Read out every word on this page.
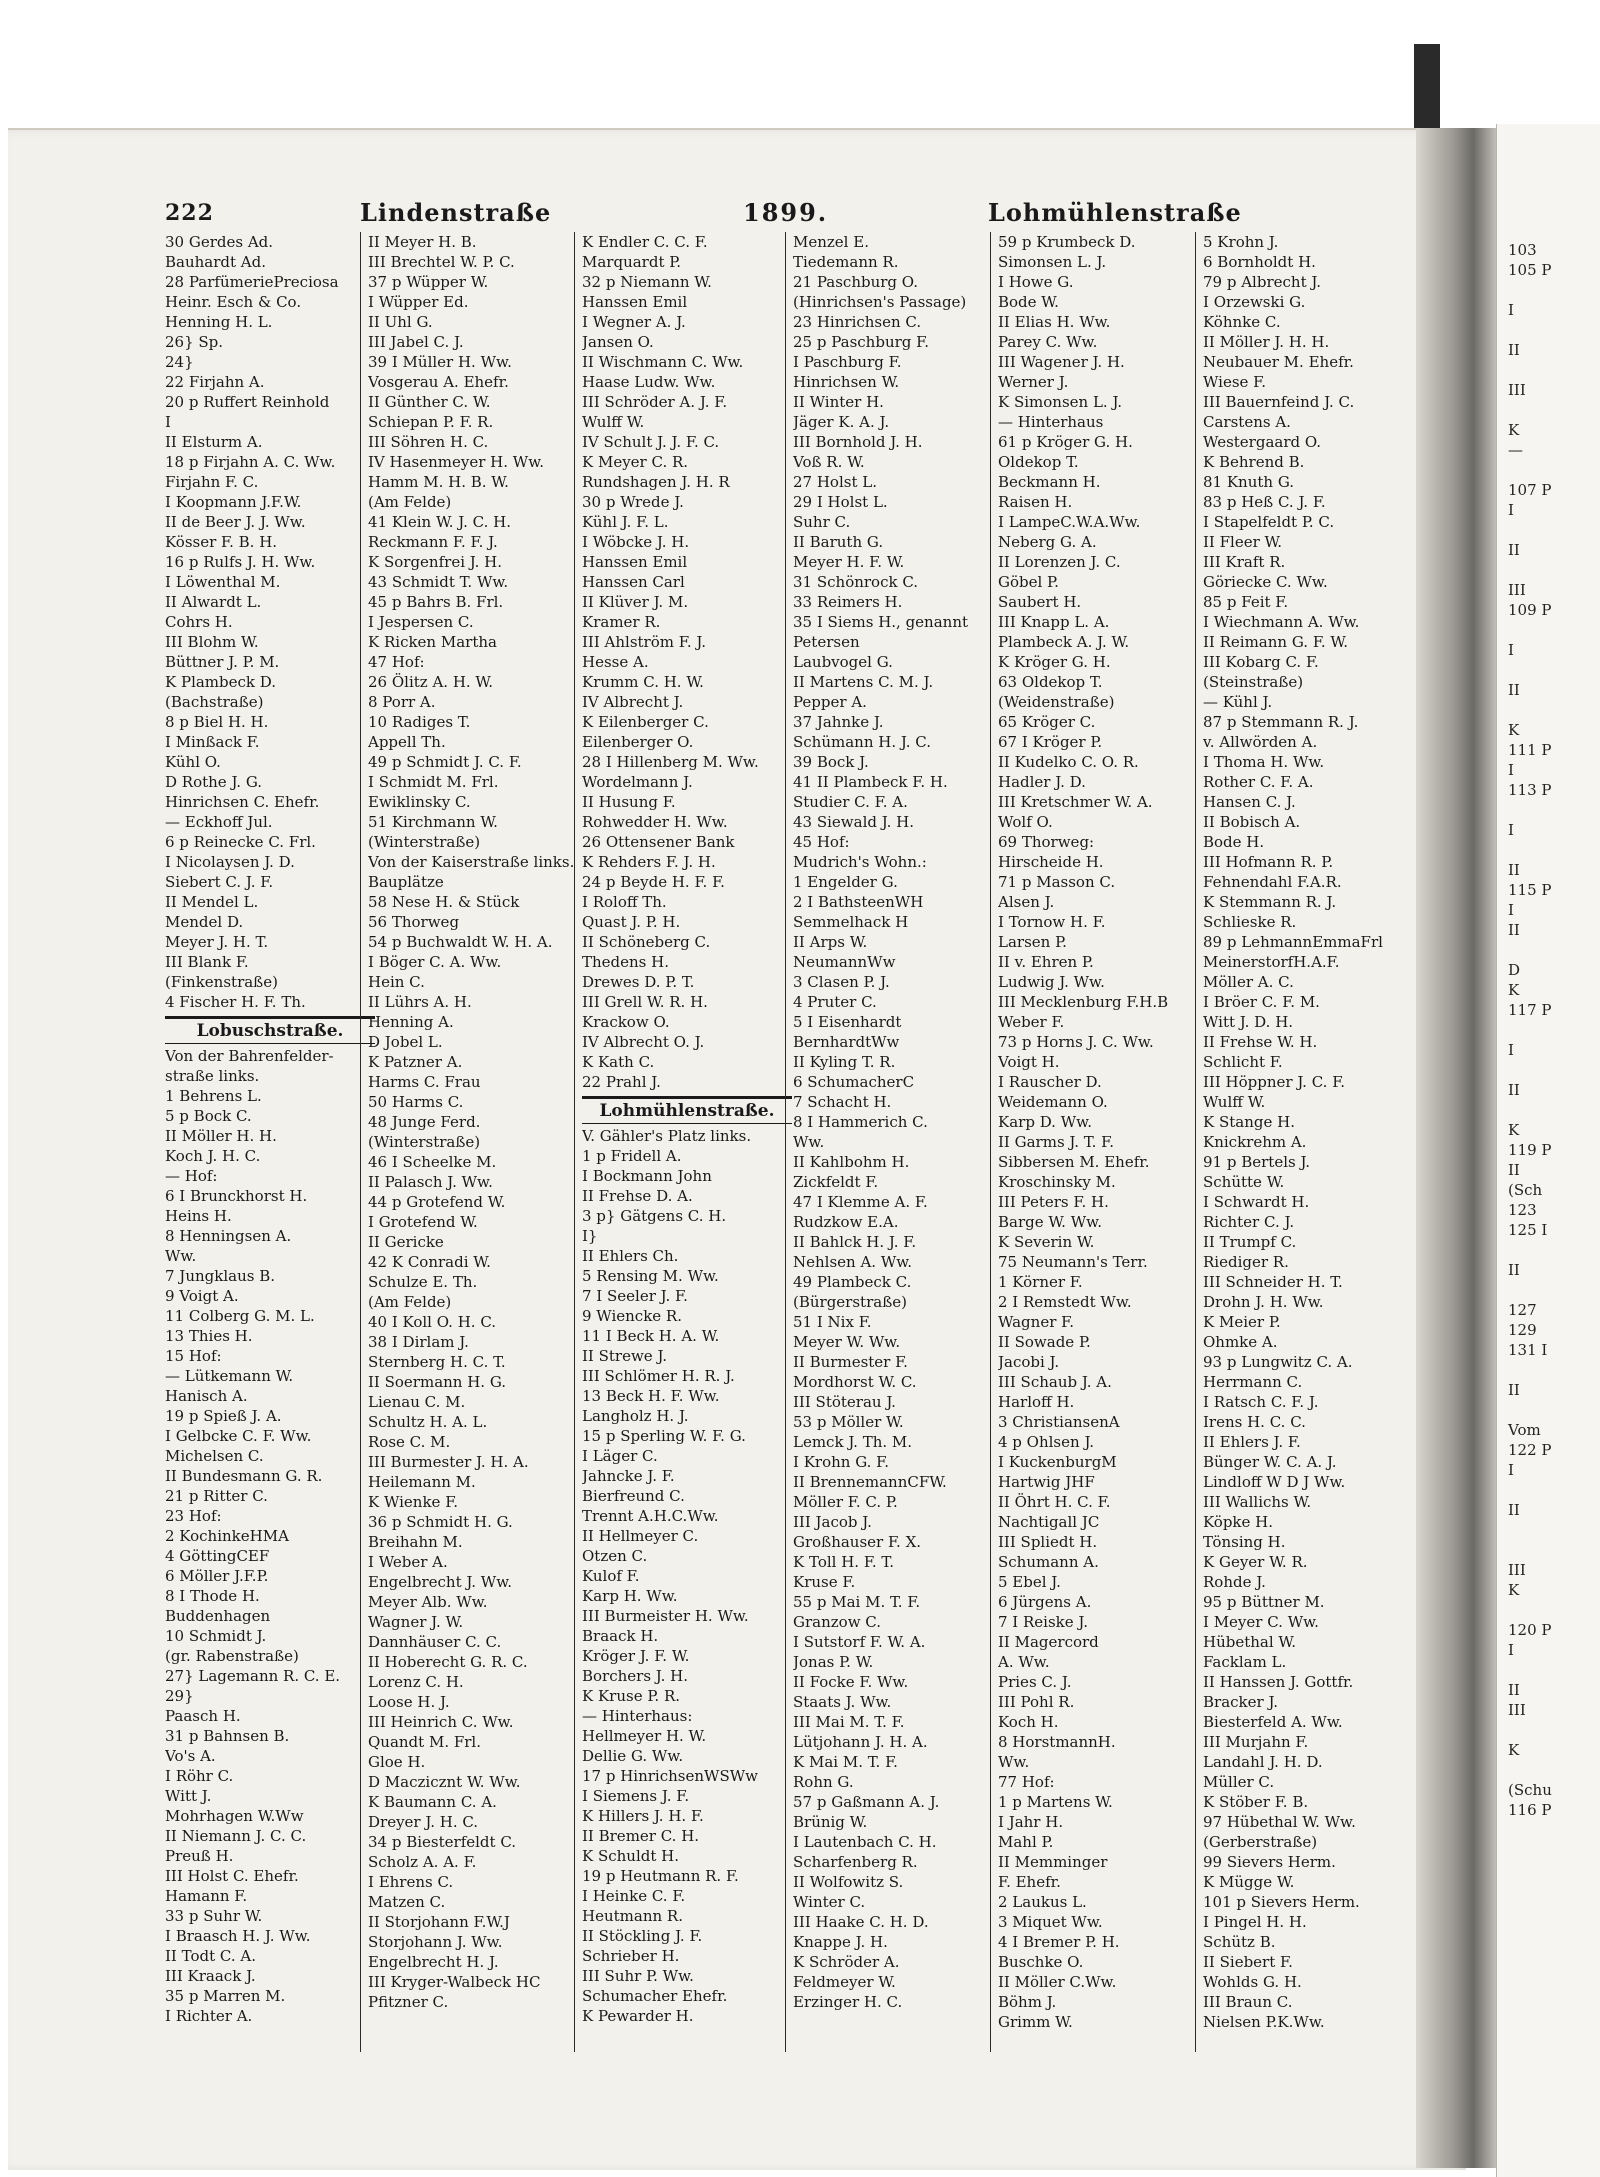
222	Lindenstraße	1899.	Lohmühlenstraße
30 Gerdes Ad.
Bauhardt Ad.
28 ParfümeriePreciosa
Heinr. Esch & Co.
Henning H. L.
26} Sp.
24}
22 Firjahn A.
20 p Ruffert Reinhold
I
II Elsturm A.
18 p Firjahn A. C. Ww.
Firjahn F. C.
I Koopmann J.F.W.
II de Beer J. J. Ww.
Kösser F. B. H.
16 p Rulfs J. H. Ww.
I Löwenthal M.
II Alwardt L.
Cohrs H.
III Blohm W.
Büttner J. P. M.
K Plambeck D.
(Bachstraße)
8 p Biel H. H.
I Minßack F.
Kühl O.
D Rothe J. G.
Hinrichsen C. Ehefr.
— Eckhoff Jul.
6 p Reinecke C. Frl.
I Nicolaysen J. D.
Siebert C. J. F.
II Mendel L.
Mendel D.
Meyer J. H. T.
III Blank F.
(Finkenstraße)
4 Fischer H. F. Th.
Lobuschstraße.
Von der Bahrenfelder-
straße links.
1 Behrens L.
5 p Bock C.
II Möller H. H.
Koch J. H. C.
— Hof:
6 I Brunckhorst H.
Heins H.
8 Henningsen A.
Ww.
7 Jungklaus B.
9 Voigt A.
11 Colberg G. M. L.
13 Thies H.
15 Hof:
— Lütkemann W.
Hanisch A.
19 p Spieß J. A.
I Gelbcke C. F. Ww.
Michelsen C.
II Bundesmann G. R.
21 p Ritter C.
23 Hof:
2 KochinkeHMA
4 GöttingCEF
6 Möller J.F.P.
8 I Thode H.
Buddenhagen
10 Schmidt J.
(gr. Rabenstraße)
27} Lagemann R. C. E.
29}
Paasch H.
31 p Bahnsen B.
Vo's A.
I Röhr C.
Witt J.
Mohrhagen W.Ww
II Niemann J. C. C.
Preuß H.
III Holst C. Ehefr.
Hamann F.
33 p Suhr W.
I Braasch H. J. Ww.
II Todt C. A.
III Kraack J.
35 p Marren M.
I Richter A.
II Meyer H. B.
III Brechtel W. P. C.
37 p Wüpper W.
I Wüpper Ed.
II Uhl G.
III Jabel C. J.
39 I Müller H. Ww.
Vosgerau A. Ehefr.
II Günther C. W.
Schiepan P. F. R.
III Söhren H. C.
IV Hasenmeyer H. Ww.
Hamm M. H. B. W.
(Am Felde)
41 Klein W. J. C. H.
Reckmann F. F. J.
K Sorgenfrei J. H.
43 Schmidt T. Ww.
45 p Bahrs B. Frl.
I Jespersen C.
K Ricken Martha
47 Hof:
26 Ölitz A. H. W.
8 Porr A.
10 Radiges T.
Appell Th.
49 p Schmidt J. C. F.
I Schmidt M. Frl.
Ewiklinsky C.
51 Kirchmann W.
(Winterstraße)
Von der Kaiserstraße links.
Bauplätze
58 Nese H. & Stück
56 Thorweg
54 p Buchwaldt W. H. A.
I Böger C. A. Ww.
Hein C.
II Lührs A. H.
Henning A.
D Jobel L.
K Patzner A.
Harms C. Frau
50 Harms C.
48 Junge Ferd.
(Winterstraße)
46 I Scheelke M.
II Palasch J. Ww.
44 p Grotefend W.
I Grotefend W.
II Gericke
42 K Conradi W.
Schulze E. Th.
(Am Felde)
40 I Koll O. H. C.
38 I Dirlam J.
Sternberg H. C. T.
II Soermann H. G.
Lienau C. M.
Schultz H. A. L.
Rose C. M.
III Burmester J. H. A.
Heilemann M.
K Wienke F.
36 p Schmidt H. G.
Breihahn M.
I Weber A.
Engelbrecht J. Ww.
Meyer Alb. Ww.
Wagner J. W.
Dannhäuser C. C.
II Hoberecht G. R. C.
Lorenz C. H.
Loose H. J.
III Heinrich C. Ww.
Quandt M. Frl.
Gloe H.
D Maczicznt W. Ww.
K Baumann C. A.
Dreyer J. H. C.
34 p Biesterfeldt C.
Scholz A. A. F.
I Ehrens C.
Matzen C.
II Storjohann F.W.J
Storjohann J. Ww.
Engelbrecht H. J.
III Kryger-Walbeck HC
Pfitzner C.
K Endler C. C. F.
Marquardt P.
32 p Niemann W.
Hanssen Emil
I Wegner A. J.
Jansen O.
II Wischmann C. Ww.
Haase Ludw. Ww.
III Schröder A. J. F.
Wulff W.
IV Schult J. J. F. C.
K Meyer C. R.
Rundshagen J. H. R
30 p Wrede J.
Kühl J. F. L.
I Wöbcke J. H.
Hanssen Emil
Hanssen Carl
II Klüver J. M.
Kramer R.
III Ahlström F. J.
Hesse A.
Krumm C. H. W.
IV Albrecht J.
K Eilenberger C.
Eilenberger O.
28 I Hillenberg M. Ww.
Wordelmann J.
II Husung F.
Rohwedder H. Ww.
26 Ottensener Bank
K Rehders F. J. H.
24 p Beyde H. F. F.
I Roloff Th.
Quast J. P. H.
II Schöneberg C.
Thedens H.
Drewes D. P. T.
III Grell W. R. H.
Krackow O.
IV Albrecht O. J.
K Kath C.
22 Prahl J.
Lohmühlenstraße.
V. Gähler's Platz links.
1 p Fridell A.
I Bockmann John
II Frehse D. A.
3 p} Gätgens C. H.
I}
II Ehlers Ch.
5 Rensing M. Ww.
7 I Seeler J. F.
9 Wiencke R.
11 I Beck H. A. W.
II Strewe J.
III Schlömer H. R. J.
13 Beck H. F. Ww.
Langholz H. J.
15 p Sperling W. F. G.
I Läger C.
Jahncke J. F.
Bierfreund C.
Trennt A.H.C.Ww.
II Hellmeyer C.
Otzen C.
Kulof F.
Karp H. Ww.
III Burmeister H. Ww.
Braack H.
Kröger J. F. W.
Borchers J. H.
K Kruse P. R.
— Hinterhaus:
Hellmeyer H. W.
Dellie G. Ww.
17 p HinrichsenWSWw
I Siemens J. F.
K Hillers J. H. F.
II Bremer C. H.
K Schuldt H.
19 p Heutmann R. F.
I Heinke C. F.
Heutmann R.
II Stöckling J. F.
Schrieber H.
III Suhr P. Ww.
Schumacher Ehefr.
K Pewarder H.
Menzel E.
Tiedemann R.
21 Paschburg O.
(Hinrichsen's Passage)
23 Hinrichsen C.
25 p Paschburg F.
I Paschburg F.
Hinrichsen W.
II Winter H.
Jäger K. A. J.
III Bornhold J. H.
Voß R. W.
27 Holst L.
29 I Holst L.
Suhr C.
II Baruth G.
Meyer H. F. W.
31 Schönrock C.
33 Reimers H.
35 I Siems H., genannt
Petersen
Laubvogel G.
II Martens C. M. J.
Pepper A.
37 Jahnke J.
Schümann H. J. C.
39 Bock J.
41 II Plambeck F. H.
Studier C. F. A.
43 Siewald J. H.
45 Hof:
Mudrich's Wohn.:
1 Engelder G.
2 I BathsteenWH
Semmelhack H
II Arps W.
NeumannWw
3 Clasen P. J.
4 Pruter C.
5 I Eisenhardt
BernhardtWw
II Kyling T. R.
6 SchumacherC
7 Schacht H.
8 I Hammerich C.
Ww.
II Kahlbohm H.
Zickfeldt F.
47 I Klemme A. F.
Rudzkow E.A.
II Bahlck H. J. F.
Nehlsen A. Ww.
49 Plambeck C.
(Bürgerstraße)
51 I Nix F.
Meyer W. Ww.
II Burmester F.
Mordhorst W. C.
III Stöterau J.
53 p Möller W.
Lemck J. Th. M.
I Krohn G. F.
II BrennemannCFW.
Möller F. C. P.
III Jacob J.
Großhauser F. X.
K Toll H. F. T.
Kruse F.
55 p Mai M. T. F.
Granzow C.
I Sutstorf F. W. A.
Jonas P. W.
II Focke F. Ww.
Staats J. Ww.
III Mai M. T. F.
Lütjohann J. H. A.
K Mai M. T. F.
Rohn G.
57 p Gaßmann A. J.
Brünig W.
I Lautenbach C. H.
Scharfenberg R.
II Wolfowitz S.
Winter C.
III Haake C. H. D.
Knappe J. H.
K Schröder A.
Feldmeyer W.
Erzinger H. C.
59 p Krumbeck D.
Simonsen L. J.
I Howe G.
Bode W.
II Elias H. Ww.
Parey C. Ww.
III Wagener J. H.
Werner J.
K Simonsen L. J.
— Hinterhaus
61 p Kröger G. H.
Oldekop T.
Beckmann H.
Raisen H.
I LampeC.W.A.Ww.
Neberg G. A.
II Lorenzen J. C.
Göbel P.
Saubert H.
III Knapp L. A.
Plambeck A. J. W.
K Kröger G. H.
63 Oldekop T.
(Weidenstraße)
65 Kröger C.
67 I Kröger P.
II Kudelko C. O. R.
Hadler J. D.
III Kretschmer W. A.
Wolf O.
69 Thorweg:
Hirscheide H.
71 p Masson C.
Alsen J.
I Tornow H. F.
Larsen P.
II v. Ehren P.
Ludwig J. Ww.
III Mecklenburg F.H.B
Weber F.
73 p Horns J. C. Ww.
Voigt H.
I Rauscher D.
Weidemann O.
Karp D. Ww.
II Garms J. T. F.
Sibbersen M. Ehefr.
Kroschinsky M.
III Peters F. H.
Barge W. Ww.
K Severin W.
75 Neumann's Terr.
1 Körner F.
2 I Remstedt Ww.
Wagner F.
II Sowade P.
Jacobi J.
III Schaub J. A.
Harloff H.
3 ChristiansenA
4 p Ohlsen J.
I KuckenburgM
Hartwig JHF
II Öhrt H. C. F.
Nachtigall JC
III Spliedt H.
Schumann A.
5 Ebel J.
6 Jürgens A.
7 I Reiske J.
II Magercord
A. Ww.
Pries C. J.
III Pohl R.
Koch H.
8 HorstmannH.
Ww.
77 Hof:
1 p Martens W.
I Jahr H.
Mahl P.
II Memminger
F. Ehefr.
2 Laukus L.
3 Miquet Ww.
4 I Bremer P. H.
Buschke O.
II Möller C.Ww.
Böhm J.
Grimm W.
5 Krohn J.
6 Bornholdt H.
79 p Albrecht J.
I Orzewski G.
Köhnke C.
II Möller J. H. H.
Neubauer M. Ehefr.
Wiese F.
III Bauernfeind J. C.
Carstens A.
Westergaard O.
K Behrend B.
81 Knuth G.
83 p Heß C. J. F.
I Stapelfeldt P. C.
II Fleer W.
III Kraft R.
Göriecke C. Ww.
85 p Feit F.
I Wiechmann A. Ww.
II Reimann G. F. W.
III Kobarg C. F.
(Steinstraße)
— Kühl J.
87 p Stemmann R. J.
v. Allwörden A.
I Thoma H. Ww.
Rother C. F. A.
Hansen C. J.
II Bobisch A.
Bode H.
III Hofmann R. P.
Fehnendahl F.A.R.
K Stemmann R. J.
Schlieske R.
89 p LehmannEmmaFrl
MeinerstorfH.A.F.
Möller A. C.
I Bröer C. F. M.
Witt J. D. H.
II Frehse W. H.
Schlicht F.
III Höppner J. C. F.
Wulff W.
K Stange H.
Knickrehm A.
91 p Bertels J.
Schütte W.
I Schwardt H.
Richter C. J.
II Trumpf C.
Riediger R.
III Schneider H. T.
Drohn J. H. Ww.
K Meier P.
Ohmke A.
93 p Lungwitz C. A.
Herrmann C.
I Ratsch C. F. J.
Irens H. C. C.
II Ehlers J. F.
Bünger W. C. A. J.
Lindloff W D J Ww.
III Wallichs W.
Köpke H.
Tönsing H.
K Geyer W. R.
Rohde J.
95 p Büttner M.
I Meyer C. Ww.
Hübethal W.
Facklam L.
II Hanssen J. Gottfr.
Bracker J.
Biesterfeld A. Ww.
III Murjahn F.
Landahl J. H. D.
Müller C.
K Stöber F. B.
97 Hübethal W. Ww.
(Gerberstraße)
99 Sievers Herm.
K Mügge W.
101 p Sievers Herm.
I Pingel H. H.
Schütz B.
II Siebert F.
Wohlds G. H.
III Braun C.
Nielsen P.K.Ww.
103
105 P
I
II
III
K
—
107 P
I
II
III
109 P
I
II
K
111 P
I
113 P
I
II
115 P
I
II
D
K
117 P
I
II
K
119 P
II
(Sch
123
125 I
II
127
129
131 I
II
Vom
122 P
I
II
III
K
120 P
I
II
III
K
(Schu
116 P
